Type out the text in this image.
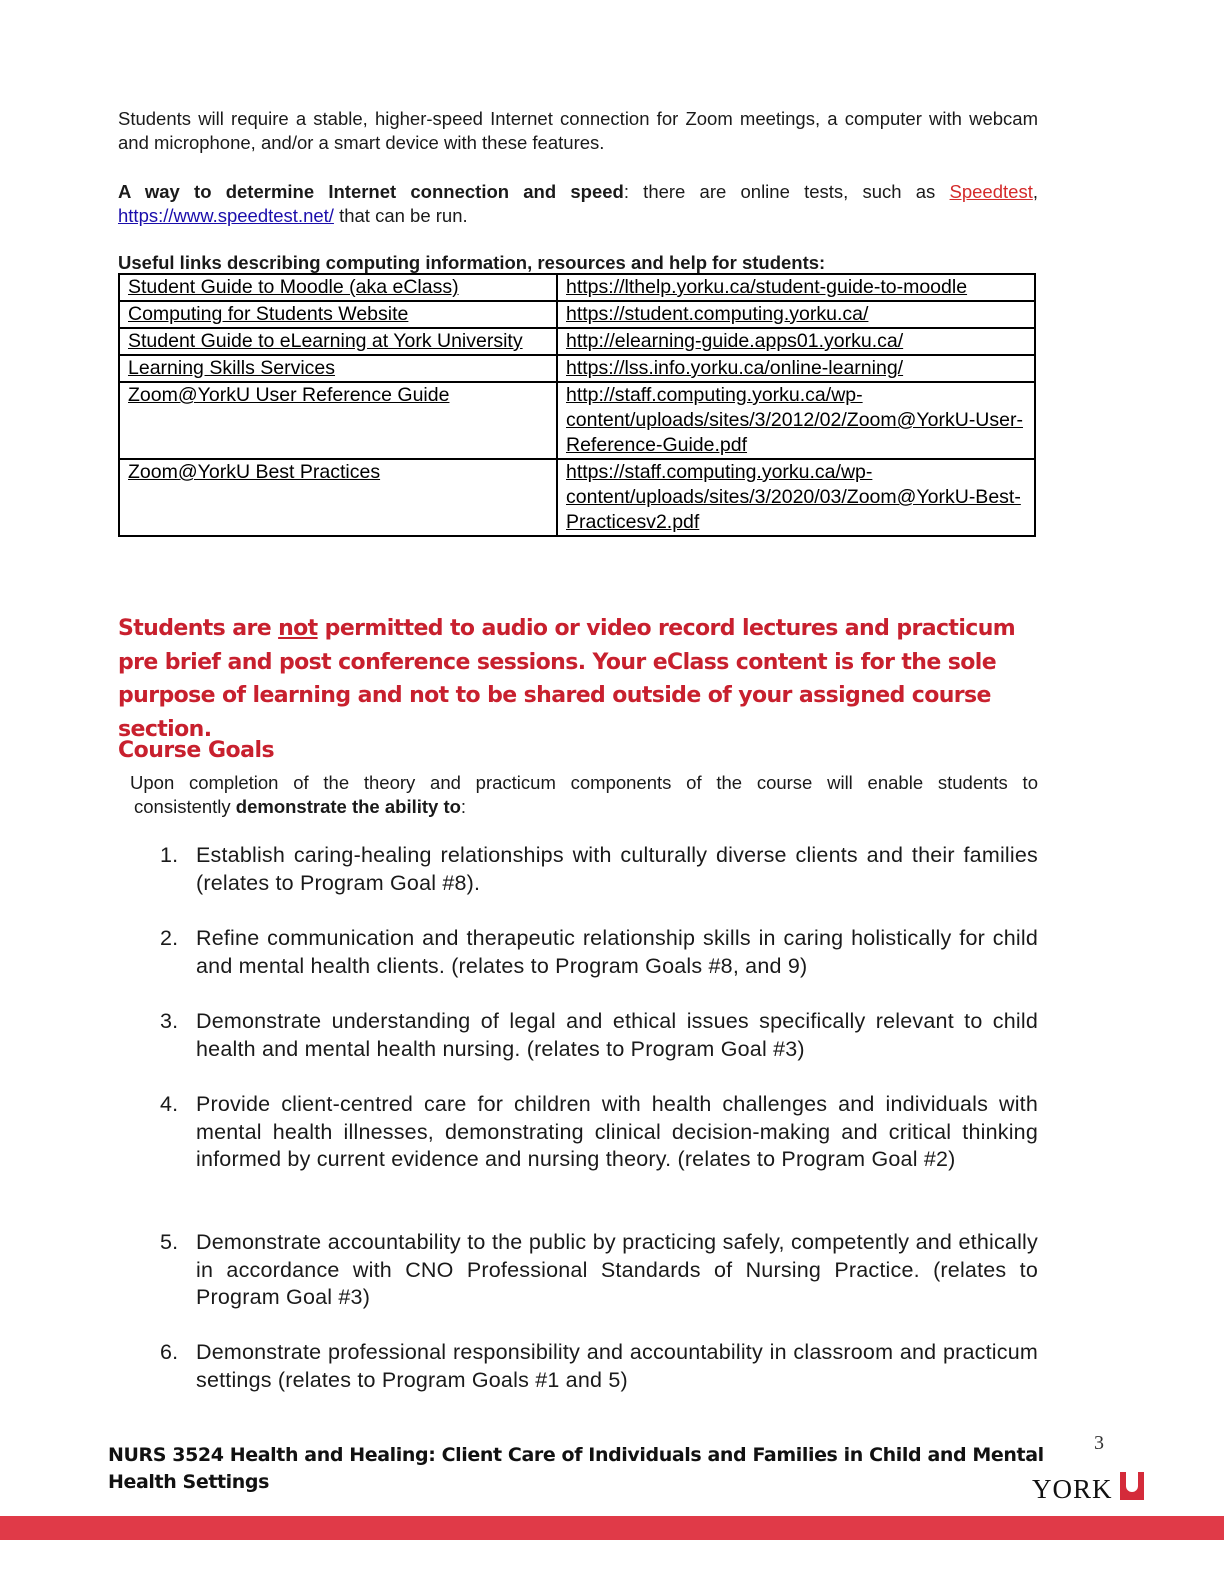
Students will require a stable, higher-speed Internet connection for Zoom meetings, a computer with webcam and microphone, and/or a smart device with these features.
A way to determine Internet connection and speed: there are online tests, such as Speedtest, https://www.speedtest.net/ that can be run.
Useful links describing computing information, resources and help for students:
Student Guide to Moodle (aka eClass)	https://lthelp.yorku.ca/student-guide-to-moodle
Computing for Students Website	https://student.computing.yorku.ca/
Student Guide to eLearning at York University	http://elearning-guide.apps01.yorku.ca/
Learning Skills Services	https://lss.info.yorku.ca/online-learning/
Zoom@YorkU User Reference Guide	http://staff.computing.yorku.ca/wp-content/uploads/sites/3/2012/02/Zoom@YorkU-User-Reference-Guide.pdf
Zoom@YorkU Best Practices	https://staff.computing.yorku.ca/wp-content/uploads/sites/3/2020/03/Zoom@YorkU-Best-Practicesv2.pdf
Students are not permitted to audio or video record lectures and practicum pre brief and post conference sessions. Your eClass content is for the sole purpose of learning and not to be shared outside of your assigned course section.
Course Goals
Upon completion of the theory and practicum components of the course will enable students to
consistently demonstrate the ability to:
1. Establish caring-healing relationships with culturally diverse clients and their families (relates to Program Goal #8).
2. Refine communication and therapeutic relationship skills in caring holistically for child and mental health clients. (relates to Program Goals #8, and 9)
3. Demonstrate understanding of legal and ethical issues specifically relevant to child health and mental health nursing. (relates to Program Goal #3)
4. Provide client-centred care for children with health challenges and individuals with mental health illnesses, demonstrating clinical decision-making and critical thinking informed by current evidence and nursing theory. (relates to Program Goal #2)
5. Demonstrate accountability to the public by practicing safely, competently and ethically in accordance with CNO Professional Standards of Nursing Practice. (relates to Program Goal #3)
6. Demonstrate professional responsibility and accountability in classroom and practicum settings (relates to Program Goals #1 and 5)
NURS 3524 Health and Healing: Client Care of Individuals and Families in Child and Mental Health Settings
3
YORK
